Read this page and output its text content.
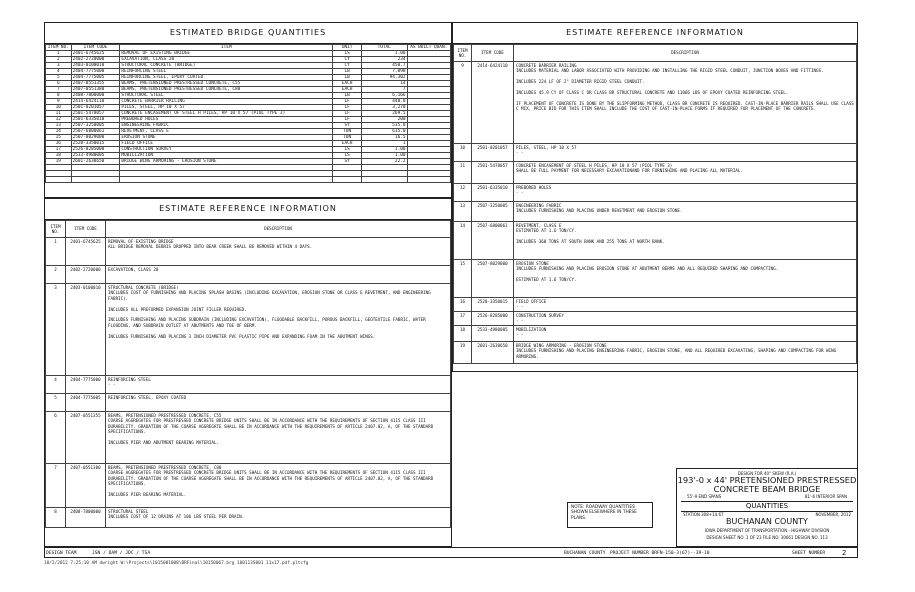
ESTIMATED BRIDGE QUANTITIES
ITEM NO.	ITEM CODE	ITEM	UNIT	TOTAL	AS BUILT QUAN.
1	2401-6745625	REMOVAL OF EXISTING BRIDGE	LS	1.00	
2	2402-2720000	EXCAVATION, CLASS 20	CY	234	
3	2403-0100010	STRUCTURAL CONCRETE (BRIDGE)	CY	450.7	
4	2404-7775000	REINFORCING STEEL	LB	7,898	
5	2404-7775005	REINFORCING STEEL, EPOXY COATED	LB	94,302	
6	2407-0551355	BEAMS, PRETENSIONED PRESTRESSED CONCRETE, C55	EACH	14	
7	2407-0551380	BEAMS, PRETENSIONED PRESTRESSED CONCRETE, C80	EACH	7	
8	2408-7800000	STRUCTURAL STEEL	LB	6,166	
9	2414-6424110	CONCRETE BARRIER RAILING	LF	440.0	
10	2501-0201057	PILES, STEEL, HP 10 X 57	LF	3,270	
11	2501-5478057	CONCRETE ENCASEMENT OF STEEL H PILES, HP 10 X 57 (PIOL TYPE 3)	LF	269.5	
12	2501-6335010	PREBORED HOLES	LF	200	
13	2507-3250005	ENGINEERING FABRIC	SY	535.0	
14	2507-6800061	REVETMENT, CLASS E	TON	615.0	
15	2507-8029000	EROSION STONE	TON	16.5	
16	2520-3350015	FIELD OFFICE	EACH	1	
17	2526-8285000	CONSTRUCTION SURVEY	LS	1.00	
18	2533-4980005	MOBILIZATION	LS	1.00	
19	2601-2638650	BRIDGE WING ARMORING - EROSION STONE	SY	22.2	

ESTIMATE REFERENCE INFORMATION
ITEM NO.	ITEM CODE	DESCRIPTION
1	2401-6745625	REMOVAL OF EXISTING BRIDGE
ALL BRIDGE REMOVAL DEBRIS DROPPED INTO BEAR CREEK SHALL BE REMOVED WITHIN 4 DAYS.

2	2402-2720000	EXCAVATION, CLASS 20

3	2403-0100010	STRUCTURAL CONCRETE (BRIDGE)
INCLUDES COST OF FURNISHING AND PLACING SPLASH BASINS (INCLUDING EXCAVATION, EROSION STONE OR CLASS E REVETMENT, AND ENGINEERING FABRIC).

INCLUDES ALL PREFORMED EXPANSION JOINT FILLER REQUIRED.

INCLUDES FURNISHING AND PLACING SUBDRAIN (INCLUDING EXCAVATION), FLOODABLE BACKFILL, POROUS BACKFILL, GEOTEXTILE FABRIC, WATER FLOODING, AND SUBDRAIN OUTLET AT ABUTMENTS AND TOE OF BERM.

INCLUDES FURNISHING AND PLACING 3 INCH DIAMETER PVC PLASTIC PIPE AND EXPANDING FOAM IN THE ABUTMENT WINGS.

4	2404-7775000	REINFORCING STEEL
- -

5	2404-7775005	REINFORCING STEEL, EPOXY COATED

6	2407-0551355	BEAMS, PRETENSIONED PRESTRESSED CONCRETE, C55
COARSE AGGREGATES FOR PRESTRESSED CONCRETE BRIDGE UNITS SHALL BE IN ACCORDANCE WITH THE REQUIREMENTS OF SECTION 4115 CLASS III DURABILITY. GRADATION OF THE COARSE AGGREGATE SHALL BE IN ACCORDANCE WITH THE REQUIREMENTS OF ARTICLE 2407.02, A, OF THE STANDARD SPECIFICATIONS.

INCLUDES PIER AND ABUTMENT BEARING MATERIAL.

7	2407-0551380	BEAMS, PRETENSIONED PRESTRESSED CONCRETE, C80
COARSE AGGREGATES FOR PRESTRESSED CONCRETE BRIDGE UNITS SHALL BE IN ACCORDANCE WITH THE REQUIREMENTS OF SECTION 4115 CLASS III DURABILITY. GRADATION OF THE COARSE AGGREGATE SHALL BE IN ACCORDANCE WITH THE REQUIREMENTS OF ARTICLE 2407.02, A, OF THE STANDARD SPECIFICATIONS.

INCLUDES PIER BEARING MATERIAL.

8	2408-7800000	STRUCTURAL STEEL
INCLUDES COST OF 12 DRAINS AT 106 LBS STEEL PER DRAIN.
ESTIMATE REFERENCE INFORMATION
ITEM NO.	ITEM CODE	DESCRIPTION
9	2414-6424110	CONCRETE BARRIER RAILING
INCLUDES MATERIAL AND LABOR ASSOCIATED WITH PROVIDING AND INSTALLING THE RIGID STEEL CONDUIT, JUNCTION BOXES AND FITTINGS.

INCLUDES 224 LF OF 2" DIAMETER RIGID STEEL CONDUIT.

INCLUDES 45.9 CY OF CLASS C OR CLASS BR STRUCTURAL CONCRETE AND 11066 LBS OF EPOXY COATED REINFORCING STEEL.

IF PLACEMENT OF CONCRETE IS DONE BY THE SLIPFORMING METHOD, CLASS BR CONCRETE IS REQUIRED. CAST-IN-PLACE BARRIER RAILS SHALL USE CLASS C MIX. PRICE BID FOR THIS ITEM SHALL INCLUDE THE COST OF CAST-IN-PLACE FORMS IF REQUIRED FOR PLACEMENT OF THE CONCRETE.

10	2501-0201057	PILES, STEEL, HP 10 X 57
- -

11	2501-5478057	CONCRETE ENCASEMENT OF STEEL H PILES, HP 10 X 57 (PIOL TYPE 3)
SHALL BE FULL PAYMENT FOR NECESSARY EXCAVATIONAND FOR FURNISHING AND PLACING ALL MATERIAL.

12	2501-6335010	PREBORED HOLES
- -

13	2507-3250005	ENGINEERING FABRIC
INCLUDES FURNISHING AND PLACING UNDER REVETMENT AND EROSION STONE.

14	2507-6800061	REVETMENT, CLASS E
ESTIMATED AT 1.6 TON/CY.

INCLUDES 360 TONS AT SOUTH BANK AND 255 TONS AT NORTH BANK.

15	2507-8029000	EROSION STONE
INCLUDES FURNISHING AND PLACING EROSION STONE AT ABUTMENT BERMS AND ALL REQUIRED SHAPING AND COMPACTING.

ESTIMATED AT 1.6 TON/CY.

16	2520-3350015	FIELD OFFICE
- -

17	2526-8285000	CONSTRUCTION SURVEY
- -

18	2533-4980005	MOBILIZATION
- -

19	2601-2638650	BRIDGE WING ARMORING - EROSION STONE
INCLUDES FURNISHING AND PLACING ENGINEERING FABRIC, EROSION STONE, AND ALL REQUIRED EXCAVATING, SHAPING AND COMPACTING FOR WING ARMORING.
NOTE: ROADWAY QUANTITIES SHOWN ELSEWHERE IN THESE PLANS.
DESIGN FOR 40° SKEW (R.A.)
193'-0 x 44' PRETENSIONED PRESTRESSED
CONCRETE BEAM BRIDGE
55'-9 END SPANS	81'-6 INTERIOR SPAN
QUANTITIES
STATION 308+14.67	NOVEMBER, 2012
BUCHANAN COUNTY
IOWA DEPARTMENT OF TRANSPORTATION - HIGHWAY DIVISION
DESIGN SHEET NO. 1 OF 23 FILE NO. 30661 DESIGN NO. 113
DESIGN TEAM	JSN / DAM / JDC / TSA	BUCHANAN COUNTY PROJECT NUMBER BRFN-150-3(67)--39-10	SHEET NUMBER 2
10/2/2012 7:25:10 AM dwright W:\Projects\1015001008\BRFinal\10150067.brg 100113S001 11x17.pdf.pltcfg
